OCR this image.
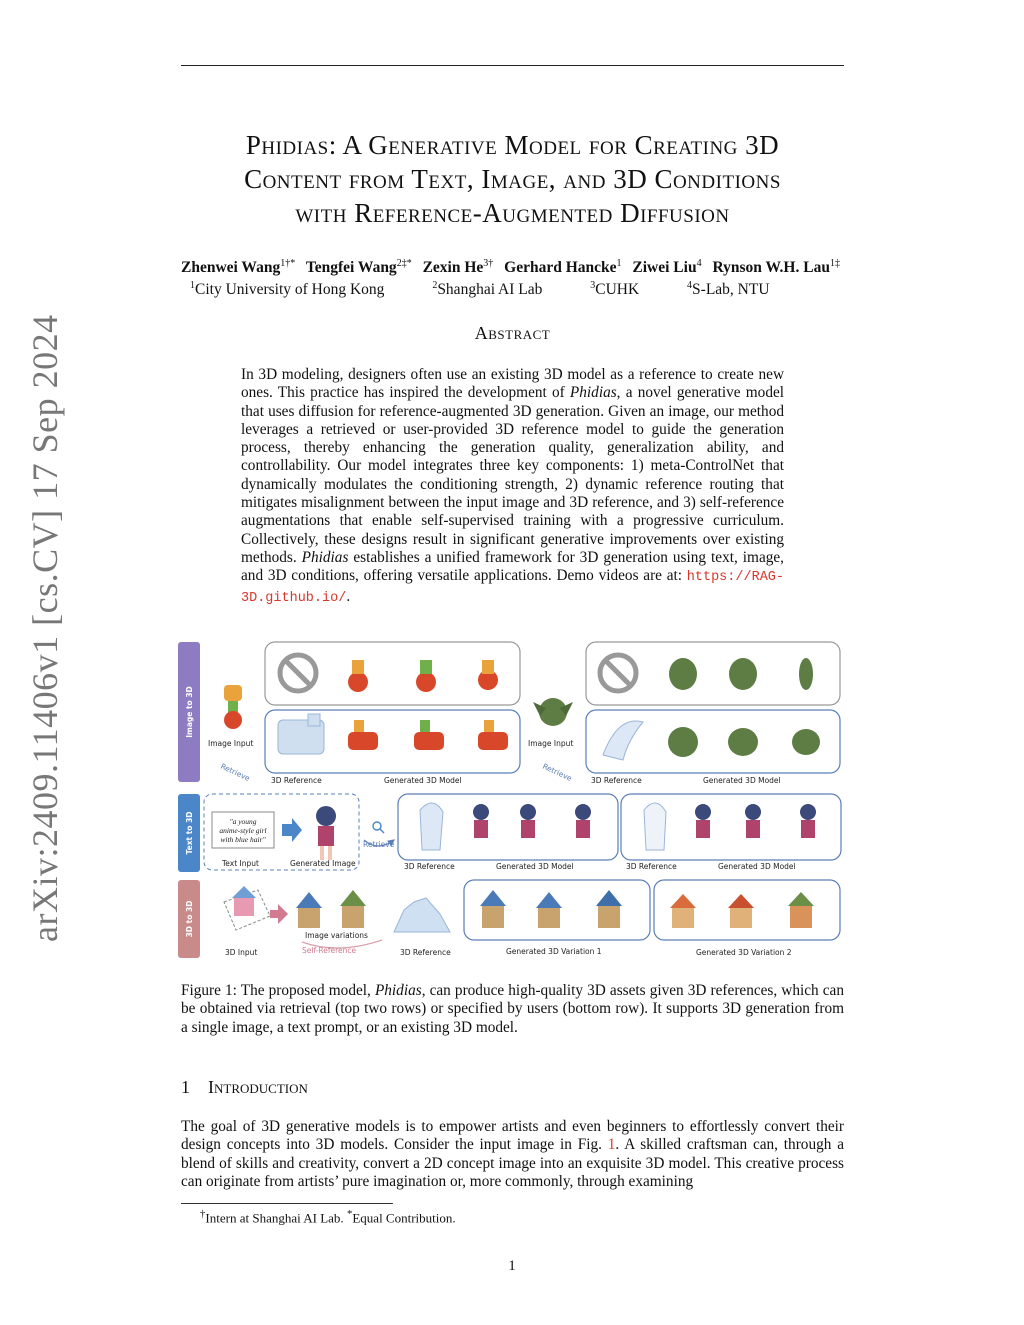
arXiv:2409.11406v1 [cs.CV] 17 Sep 2024
Phidias: A Generative Model for Creating 3D
Content from Text, Image, and 3D Conditions
with Reference-Augmented Diffusion
Zhenwei Wang$^{1\dagger*}$ Tengfei Wang$^{2\ddagger*}$ Zexin $He^{3\dagger}$ Gerhard Hancke$^1$ Ziwei Liu$^4$ Rynson W.H. Lau$^{1\ddagger}$
$^1$City University of Hong Kong	$^2$Shanghai AI Lab	$^3$CUHK	$^4$S-Lab, NTU
Abstract
In 3D modeling, designers often use an existing 3D model as a reference to create new ones. This practice has inspired the development of Phidias, a novel generative model that uses diffusion for reference-augmented 3D generation. Given an image, our method leverages a retrieved or user-provided 3D reference model to guide the generation process, thereby enhancing the generation quality, generalization ability, and controllability. Our model integrates three key components: 1) meta-ControlNet that dynamically modulates the conditioning strength, 2) dynamic reference routing that mitigates misalignment between the input image and 3D reference, and 3) self-reference augmentations that enable self-supervised training with a progressive curriculum. Collectively, these designs result in significant generative improvements over existing methods. Phidias establishes a unified framework for 3D generation using text, image, and 3D conditions, offering versatile applications. Demo videos are at: https://RAG-3D.github.io/.
Image to 3D
Text to 3D
3D to 3D
Image Input
Retrieve	3D Reference	Generated 3D Model
Image Input
Retrieve 3D Reference	Generated 3D Model
"a young
anime-style girl
with blue hair"
Text Input	Generated Image
Retrieve
3D Reference	Generated 3D Model	3D Reference	Generated 3D Model
3D Input
Image variations
Self-Reference	3D Reference	Generated 3D Variation 1	Generated 3D Variation 2
Figure 1: The proposed model, Phidias, can produce high-quality 3D assets given 3D references, which can be obtained via retrieval (top two rows) or specified by users (bottom row). It supports 3D generation from a single image, a text prompt, or an existing 3D model.
1 Introduction
The goal of 3D generative models is to empower artists and even beginners to effortlessly convert their design concepts into 3D models. Consider the input image in Fig. 1. A skilled craftsman can, through a blend of skills and creativity, convert a 2D concept image into an exquisite 3D model. This creative process can originate from artists’ pure imagination or, more commonly, through examining
†Intern at Shanghai AI Lab. *Equal Contribution.
1
